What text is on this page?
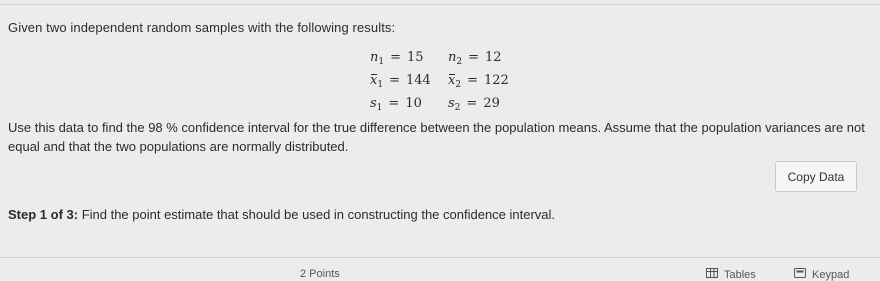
Given two independent random samples with the following results:
$n_1 = 15$	$n_2 = 12$
$x_1 = 144$	$x_2 = 122$
$s_1 = 10$	$s_2 = 29$
Use this data to find the 98 % confidence interval for the true difference between the population means. Assume that the population variances are not equal and that the two populations are normally distributed.
Copy Data
Step 1 of 3: Find the point estimate that should be used in constructing the confidence interval.
2 Points	Tables	Keypad
